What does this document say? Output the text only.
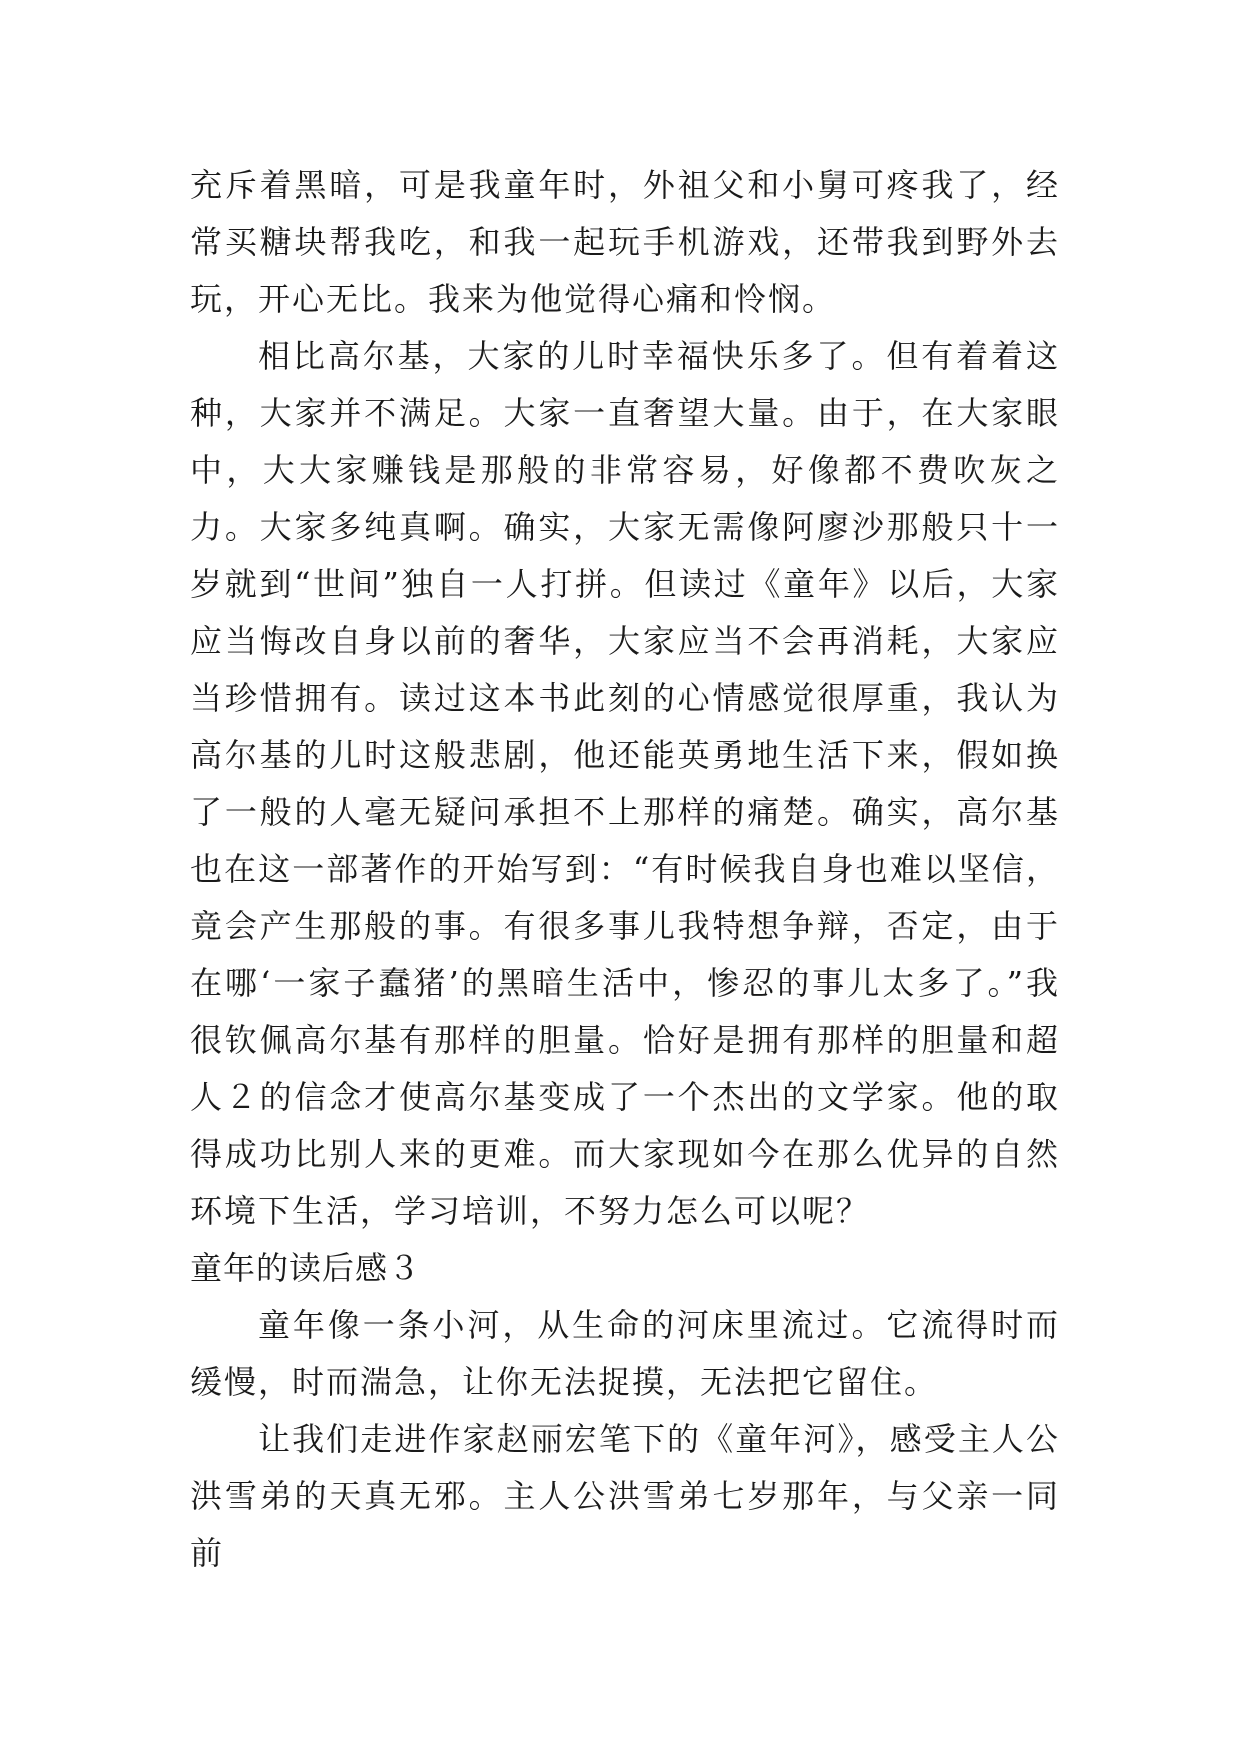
充斥着黑暗，可是我童年时，外祖父和小舅可疼我了，经常买糖块帮我吃，和我一起玩手机游戏，还带我到野外去玩，开心无比。我来为他觉得心痛和怜悯。

相比高尔基，大家的儿时幸福快乐多了。但有着着这种，大家并不满足。大家一直奢望大量。由于，在大家眼中，大大家赚钱是那般的非常容易，好像都不费吹灰之力。大家多纯真啊。确实，大家无需像阿廖沙那般只十一岁就到“世间”独自一人打拼。但读过《童年》以后，大家应当悔改自身以前的奢华，大家应当不会再消耗，大家应当珍惜拥有。读过这本书此刻的心情感觉很厚重，我认为高尔基的儿时这般悲剧，他还能英勇地生活下来，假如换了一般的人毫无疑问承担不上那样的痛楚。确实，高尔基也在这一部著作的开始写到：“有时候我自身也难以坚信，竟会产生那般的事。有很多事儿我特想争辩，否定，由于在哪‘一家子蠢猪’的黑暗生活中，惨忍的事儿太多了。”我很钦佩高尔基有那样的胆量。恰好是拥有那样的胆量和超人２的信念才使高尔基变成了一个杰出的文学家。他的取得成功比别人来的更难。而大家现如今在那么优异的自然环境下生活，学习培训，不努力怎么可以呢？

童年的读后感３

童年像一条小河，从生命的河床里流过。它流得时而缓慢，时而湍急，让你无法捉摸，无法把它留住。

让我们走进作家赵丽宏笔下的《童年河》，感受主人公洪雪弟的天真无邪。主人公洪雪弟七岁那年，与父亲一同前
